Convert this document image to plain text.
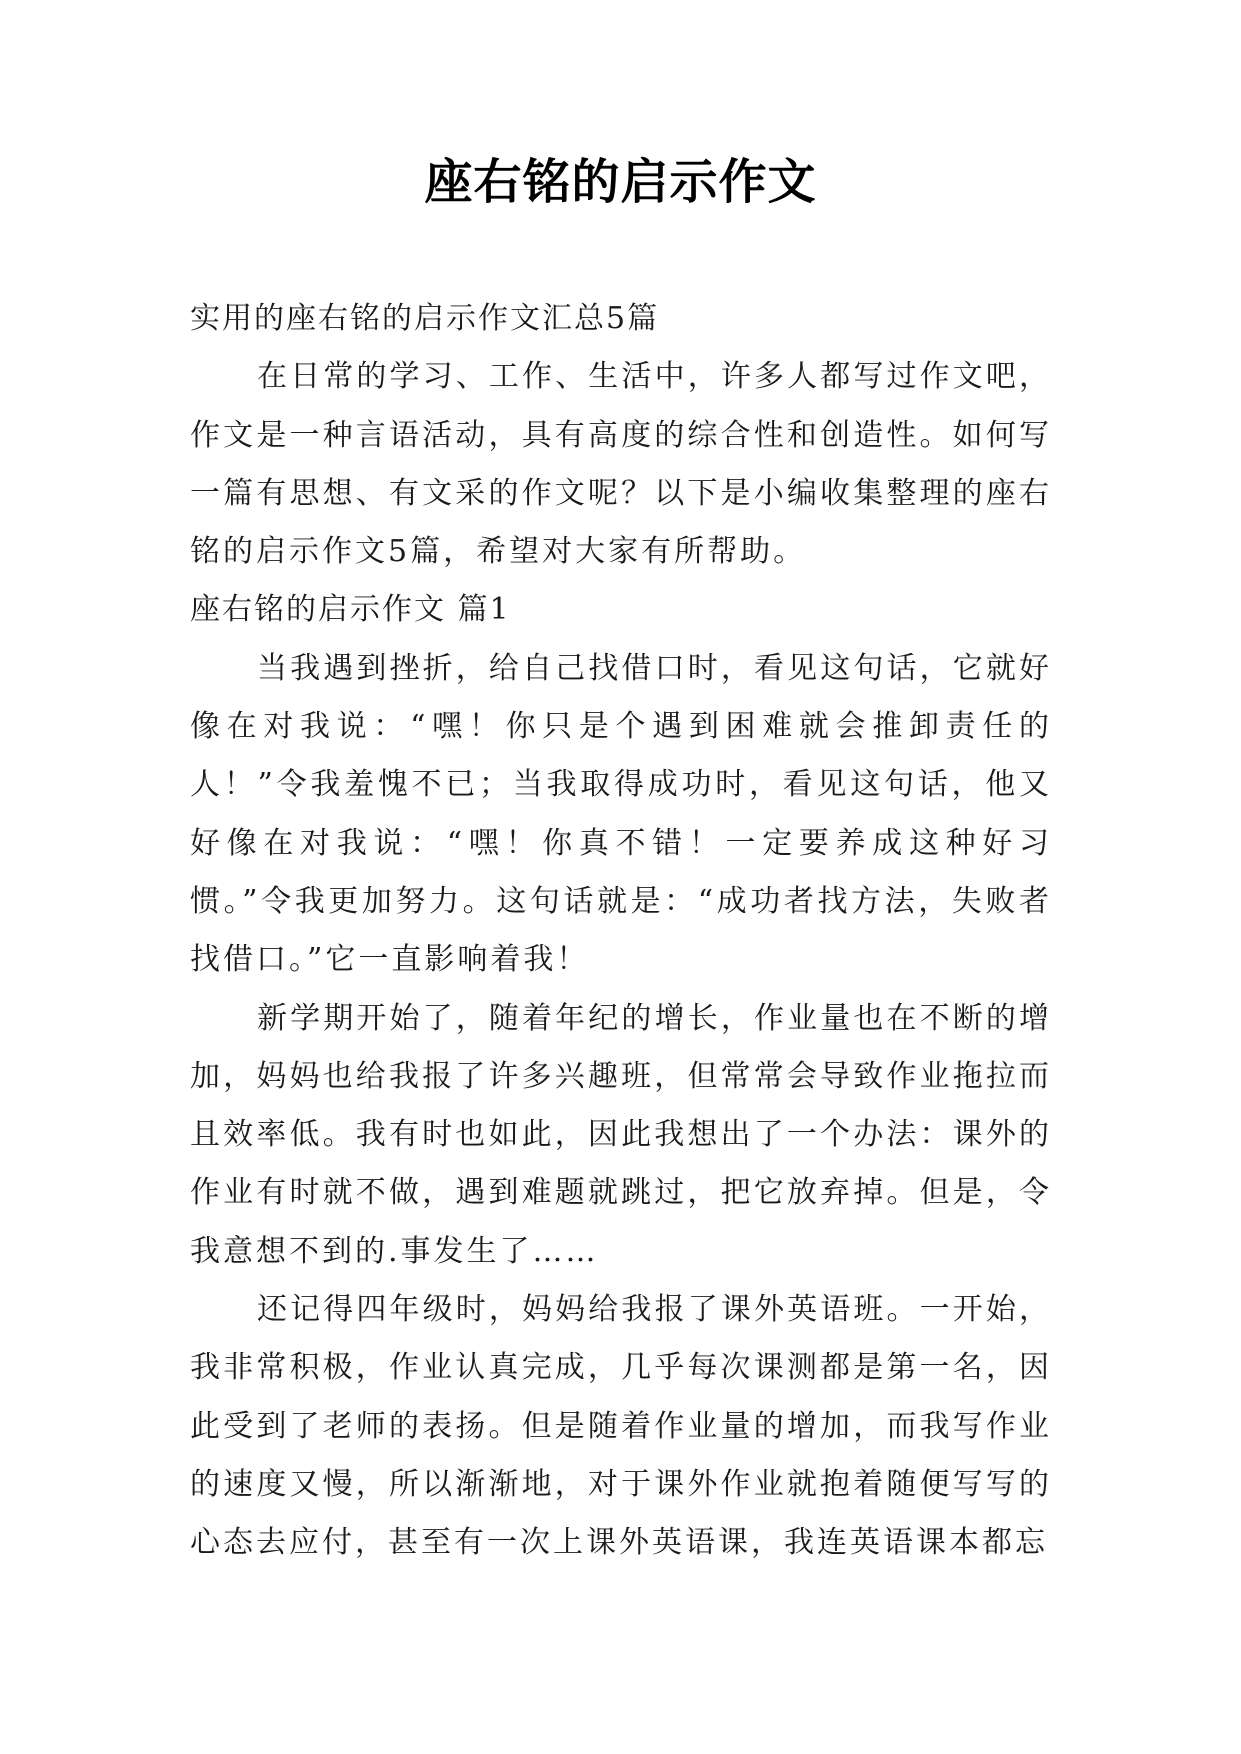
座右铭的启示作文

实用的座右铭的启示作文汇总5篇

在日常的学习、工作、生活中，许多人都写过作文吧，作文是一种言语活动，具有高度的综合性和创造性。如何写一篇有思想、有文采的作文呢？以下是小编收集整理的座右铭的启示作文5篇，希望对大家有所帮助。

座右铭的启示作文 篇1

当我遇到挫折，给自己找借口时，看见这句话，它就好像在对我说：“嘿！你只是个遇到困难就会推卸责任的人！”令我羞愧不已；当我取得成功时，看见这句话，他又好像在对我说：“嘿！你真不错！一定要养成这种好习惯。”令我更加努力。这句话就是：“成功者找方法，失败者找借口。”它一直影响着我！

新学期开始了，随着年纪的增长，作业量也在不断的增加，妈妈也给我报了许多兴趣班，但常常会导致作业拖拉而且效率低。我有时也如此，因此我想出了一个办法：课外的作业有时就不做，遇到难题就跳过，把它放弃掉。但是，令我意想不到的.事发生了……

还记得四年级时，妈妈给我报了课外英语班。一开始，我非常积极，作业认真完成，几乎每次课测都是第一名，因此受到了老师的表扬。但是随着作业量的增加，而我写作业的速度又慢，所以渐渐地，对于课外作业就抱着随便写写的心态去应付，甚至有一次上课外英语课，我连英语课本都忘
